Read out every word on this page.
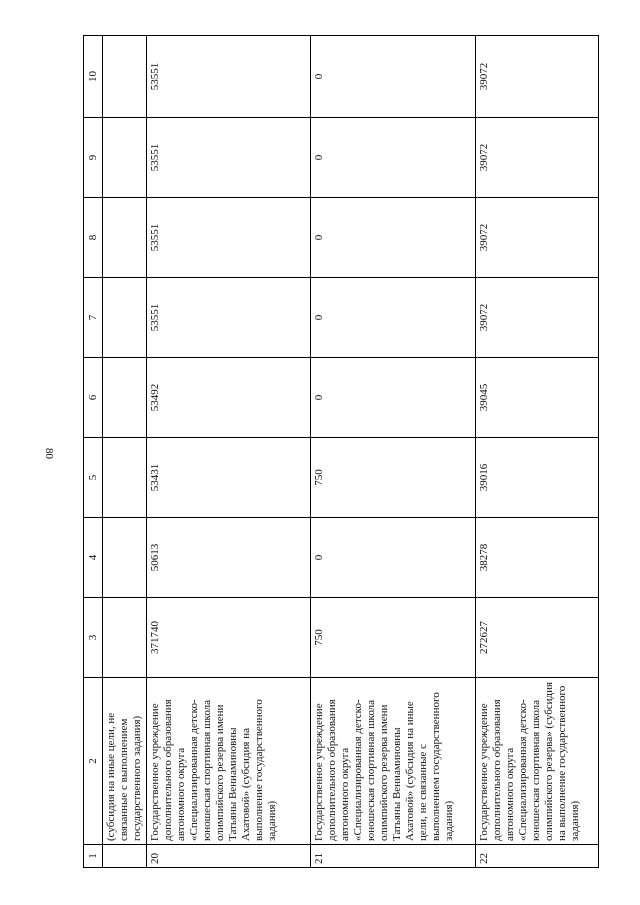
80
1	2	3	4	5	6	7	8	9	10
	(субсидия на иные цели, не связанные с выполнением государственного задания)								
20	Государственное учреждение дополнительного образования автономного округа «Специализированная детско-юношеская спортивная школа олимпийского резерва имени Татьяны Вениаминовны Ахатовой» (субсидия на выполнение государственного задания)	371740	50613	53431	53492	53551	53551	53551	53551
21	Государственное учреждение дополнительного образования автономного округа «Специализированная детско-юношеская спортивная школа олимпийского резерва имени Татьяны Вениаминовны Ахатовой» (субсидия на иные цели, не связанные с выполнением государственного задания)	750	0	750	0	0	0	0	0
22	Государственное учреждение дополнительного образования автономного округа «Специализированная детско-юношеская спортивная школа олимпийского резерва» (субсидия на выполнение государственного задания)	272627	38278	39016	39045	39072	39072	39072	39072
